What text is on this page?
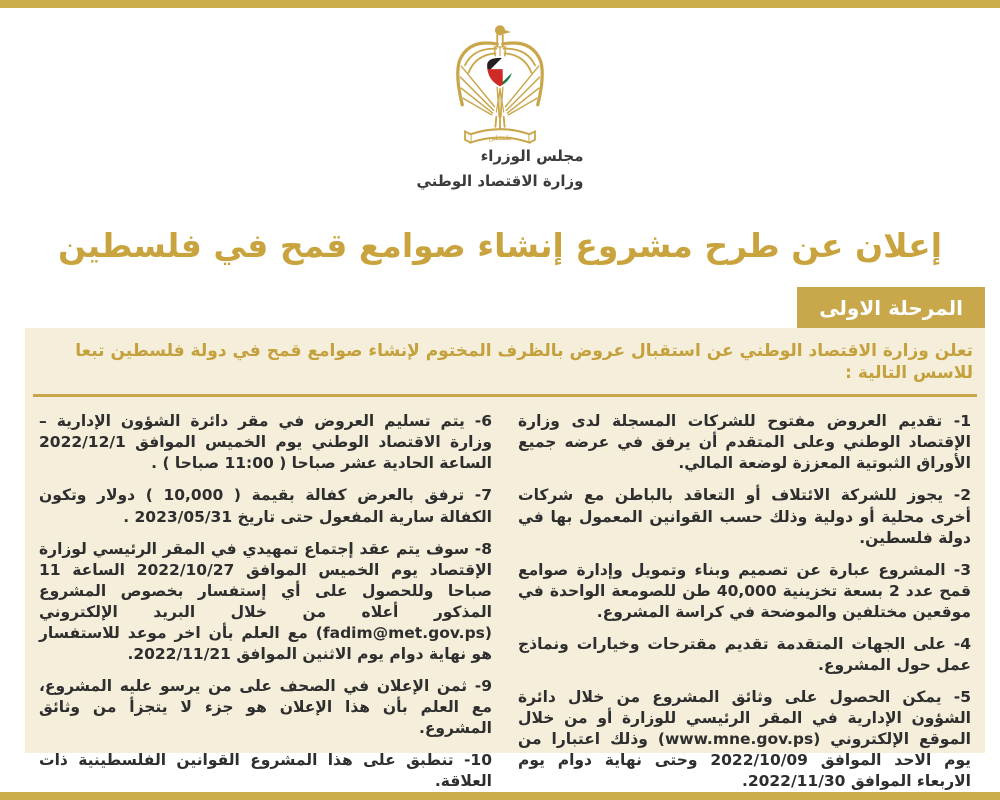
فلسطين
مجلس الوزراء
وزارة الاقتصاد الوطني
إعلان عن طرح مشروع إنشاء صوامع قمح في فلسطين
المرحلة الاولى
تعلن وزارة الاقتصاد الوطني عن استقبال عروض بالظرف المختوم لإنشاء صوامع قمح في دولة فلسطين تبعا للاسس التالية :

1- تقديم العروض مفتوح للشركات المسجلة لدى وزارة الإقتصاد الوطني وعلى المتقدم أن يرفق في عرضه جميع الأوراق الثبوتية المعززة لوضعة المالي.

2- يجوز للشركة الائتلاف أو التعاقد بالباطن مع شركات أخرى محلية أو دولية وذلك حسب القوانين المعمول بها في دولة فلسطين.

3- المشروع عبارة عن تصميم وبناء وتمويل وإدارة صوامع قمح عدد 2 بسعة تخزينية 40,000 طن للصومعة الواحدة في موقعين مختلفين والموضحة في كراسة المشروع.

4- على الجهات المتقدمة تقديم مقترحات وخيارات ونماذج عمل حول المشروع.

5- يمكن الحصول على وثائق المشروع من خلال دائرة الشؤون الإدارية في المقر الرئيسي للوزارة أو من خلال الموقع الإلكتروني (www.mne.gov.ps) وذلك اعتبارا من يوم الاحد الموافق 2022/10/09 وحتى نهاية دوام يوم الاربعاء الموافق 2022/11/30.

6- يتم تسليم العروض في مقر دائرة الشؤون الإدارية – وزارة الاقتصاد الوطني يوم الخميس الموافق 2022/12/1 الساعة الحادية عشر صباحا ( 11:00 صباحا ) .

7- ترفق بالعرض كفالة بقيمة ( 10,000 ) دولار وتكون الكفالة سارية المفعول حتى تاريخ 2023/05/31 .

8- سوف يتم عقد إجتماع تمهيدي في المقر الرئيسي لوزارة الإقتصاد يوم الخميس الموافق 2022/10/27 الساعة 11 صباحا وللحصول على أي إستفسار بخصوص المشروع المذكور أعلاه من خلال البريد الإلكتروني (fadim@met.gov.ps) مع العلم بأن اخر موعد للاستفسار هو نهاية دوام يوم الاثنين الموافق 2022/11/21.

9- ثمن الإعلان في الصحف على من يرسو عليه المشروع، مع العلم بأن هذا الإعلان هو جزء لا يتجزأ من وثائق المشروع.

10- تنطبق على هذا المشروع القوانين الفلسطينية ذات العلاقة.
